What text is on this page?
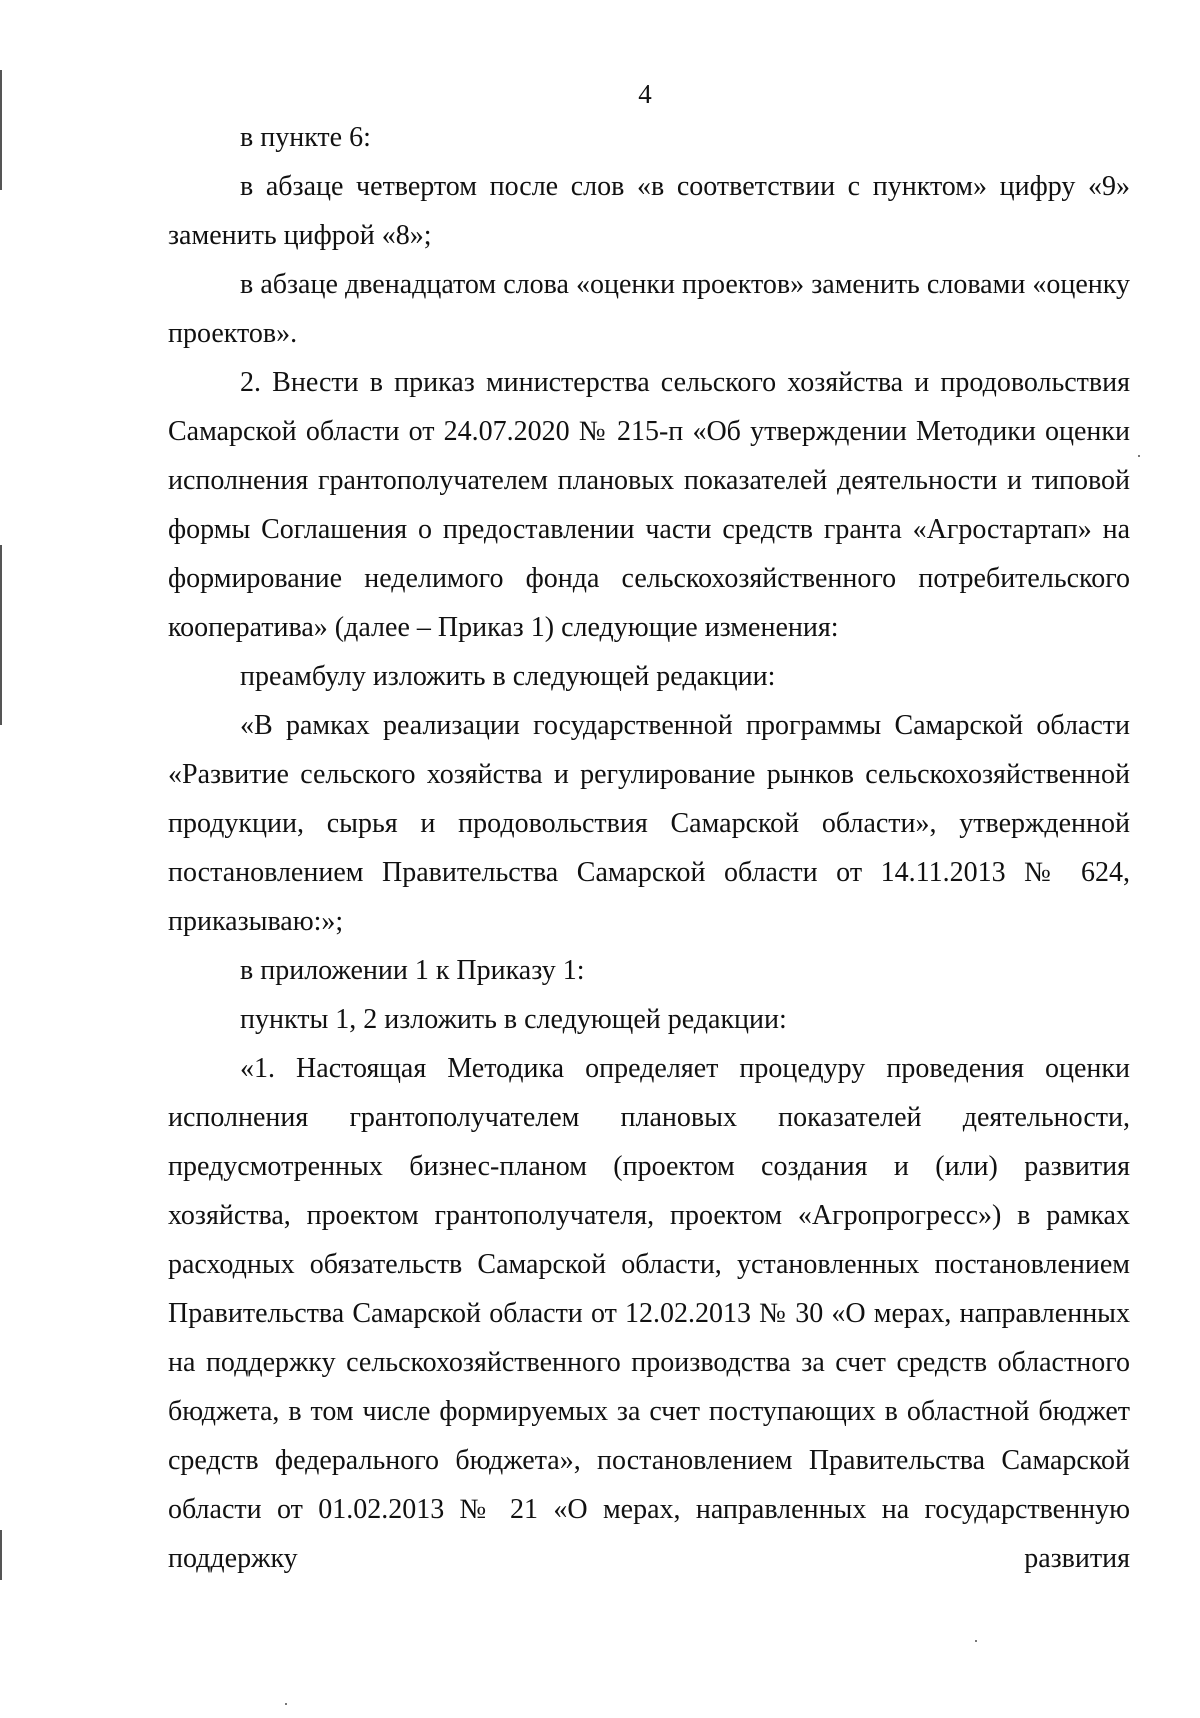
4

в пункте 6:

в абзаце четвертом после слов «в соответствии с пунктом» цифру «9» заменить цифрой «8»;

в абзаце двенадцатом слова «оценки проектов» заменить словами «оценку проектов».

2. Внести в приказ министерства сельского хозяйства и продовольствия Самарской области от 24.07.2020 № 215-п «Об утверждении Методики оценки исполнения грантополучателем плановых показателей деятельности и типовой формы Соглашения о предоставлении части средств гранта «Агростартап» на формирование неделимого фонда сельскохозяйственного потребительского кооператива» (далее – Приказ 1) следующие изменения:

преамбулу изложить в следующей редакции:

«В рамках реализации государственной программы Самарской области «Развитие сельского хозяйства и регулирование рынков сельскохозяйственной продукции, сырья и продовольствия Самарской области», утвержденной постановлением Правительства Самарской области от 14.11.2013 № 624, приказываю:»;

в приложении 1 к Приказу 1:

пункты 1, 2 изложить в следующей редакции:

«1. Настоящая Методика определяет процедуру проведения оценки исполнения грантополучателем плановых показателей деятельности, предусмотренных бизнес-планом (проектом создания и (или) развития хозяйства, проектом грантополучателя, проектом «Агропрогресс») в рамках расходных обязательств Самарской области, установленных постановлением Правительства Самарской области от 12.02.2013 № 30 «О мерах, направленных на поддержку сельскохозяйственного производства за счет средств областного бюджета, в том числе формируемых за счет поступающих в областной бюджет средств федерального бюджета», постановлением Правительства Самарской области от 01.02.2013 № 21 «О мерах, направленных на государственную поддержку развития
